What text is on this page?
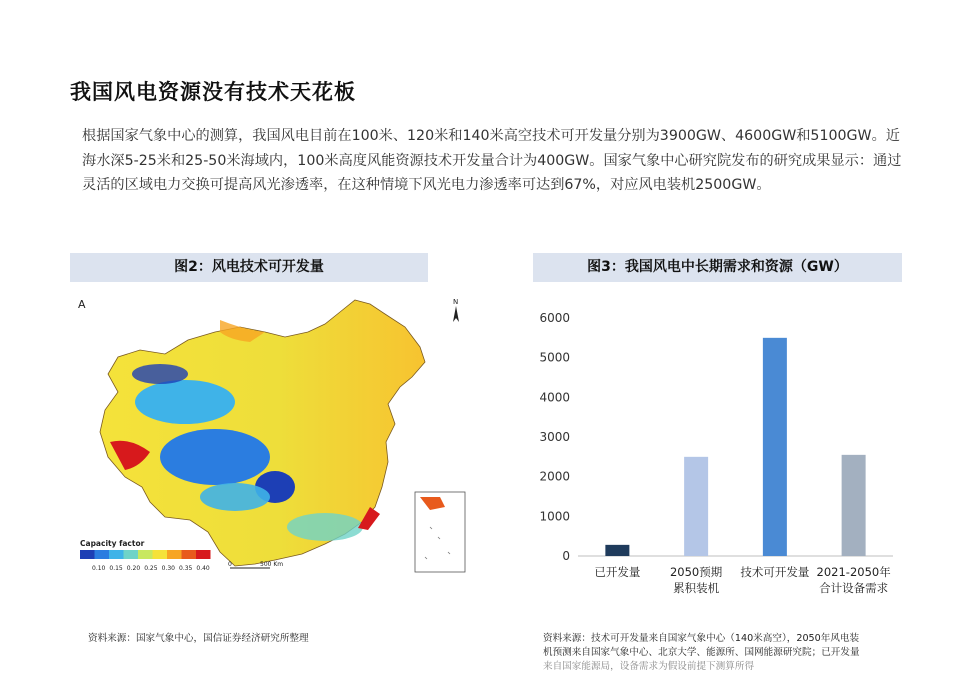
我国风电资源没有技术天花板
根据国家气象中心的测算，我国风电目前在100米、120米和140米高空技术可开发量分别为3900GW、4600GW和5100GW。近海水深5-25米和25-50米海域内，100米高度风能资源技术开发量合计为400GW。国家气象中心研究院发布的研究成果显示：通过灵活的区域电力交换可提高风光渗透率，在这种情境下风光电力渗透率可达到67%，对应风电装机2500GW。
图2：风电技术可开发量	图3：我国风电中长期需求和资源（GW）
A	N
0	500 Km
Capacity factor
0.10 0.15 0.20 0.25 0.30 0.35 0.40
0
1000
2000
3000
4000
5000
6000
已开发量	2050预期
累积装机
技术可开发量 2021-2050年
合计设备需求
资料来源：国家气象中心，国信证券经济研究所整理	资料来源：技术可开发量来自国家气象中心（140米高空），2050年风电装
机预测来自国家气象中心、北京大学、能源所、国网能源研究院；已开发量
来自国家能源局，设备需求为假设前提下测算所得
